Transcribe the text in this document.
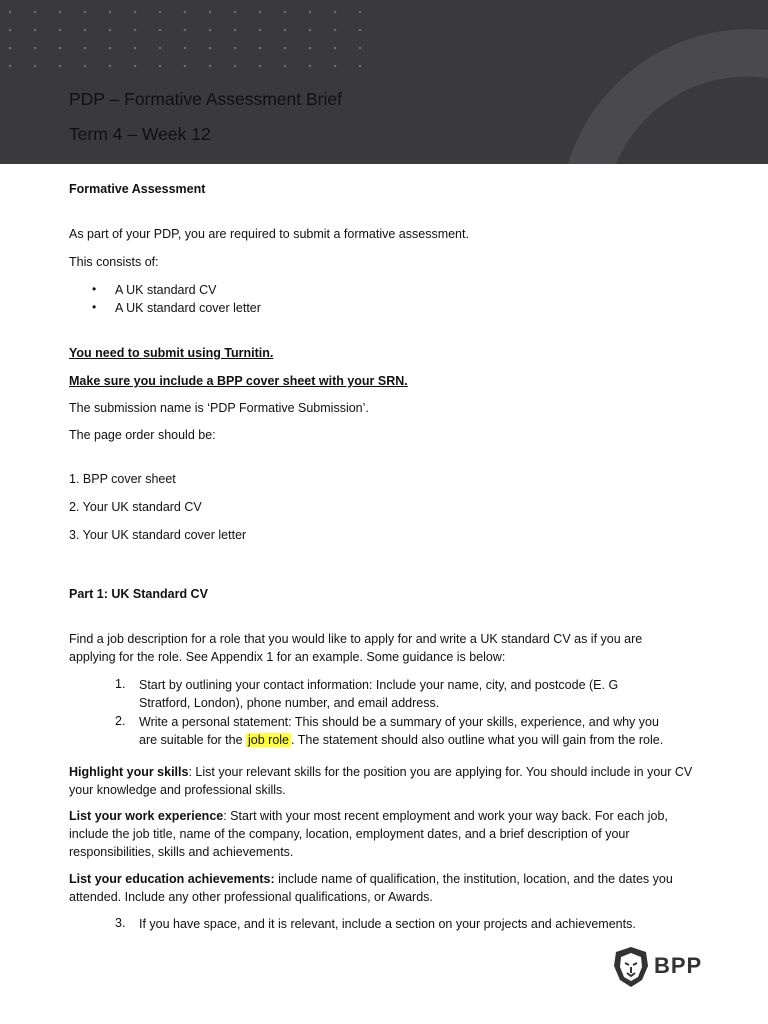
PDP – Formative Assessment Brief
Term 4 – Week 12
Formative Assessment
As part of your PDP, you are required to submit a formative assessment.
This consists of:
• A UK standard CV
• A UK standard cover letter
You need to submit using Turnitin.
Make sure you include a BPP cover sheet with your SRN.
The submission name is ‘PDP Formative Submission’.
The page order should be:
1. BPP cover sheet
2. Your UK standard CV
3. Your UK standard cover letter
Part 1: UK Standard CV
Find a job description for a role that you would like to apply for and write a UK standard CV as if you are
applying for the role. See Appendix 1 for an example. Some guidance is below:
1. Start by outlining your contact information: Include your name, city, and postcode (E. G
Stratford, London), phone number, and email address.
2. Write a personal statement: This should be a summary of your skills, experience, and why you
are suitable for the job role . The statement should also outline what you will gain from the role.

Highlight your skills: List your relevant skills for the position you are applying for. You should include in your CV your knowledge and professional skills.

List your work experience: Start with your most recent employment and work your way back. For each job, include the job title, name of the company, location, employment dates, and a brief description of your responsibilities, skills and achievements.

List your education achievements: include name of qualification, the institution, location, and the dates you attended. Include any other professional qualifications, or Awards.

3. If you have space, and it is relevant, include a section on your projects and achievements.
BPP
